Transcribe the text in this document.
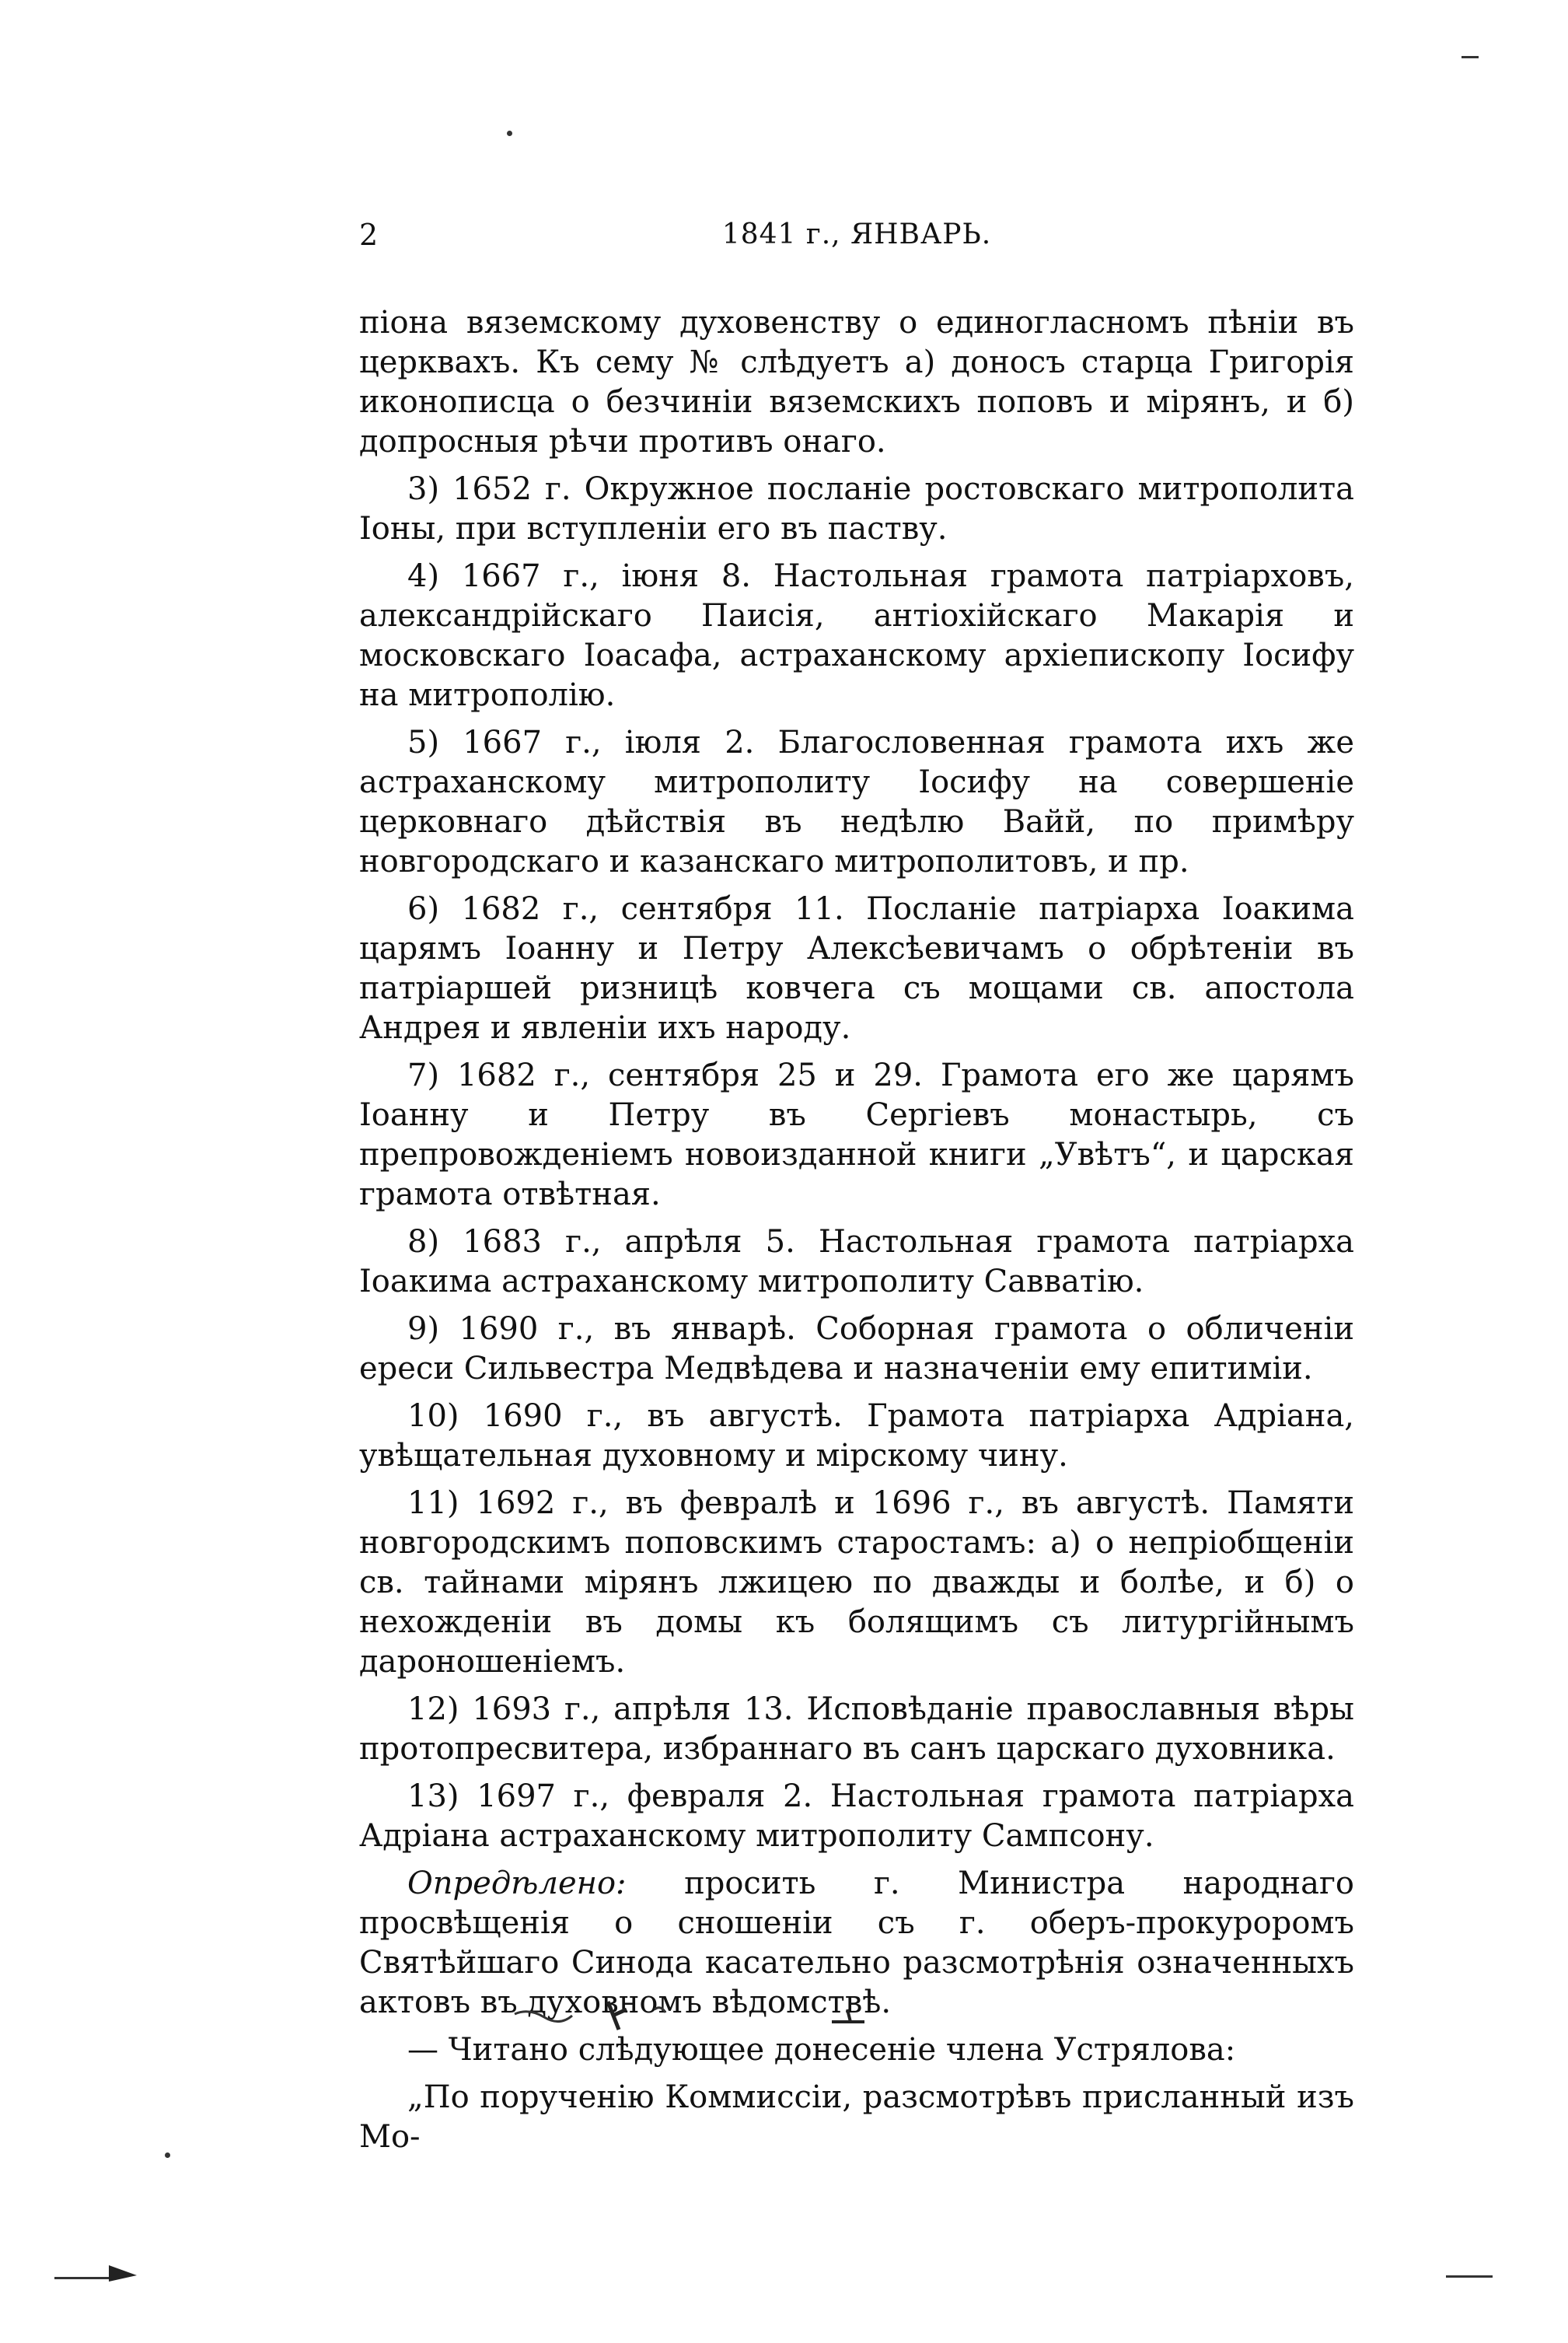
2	1841 г., ЯНВАРЬ.

піона вяземскому духовенству о единогласномъ пѣніи въ церквахъ. Къ сему № слѣдуетъ а) доносъ старца Григорія иконописца о безчиніи вяземскихъ поповъ и мірянъ, и б) допросныя рѣчи противъ онаго.

3) 1652 г. Окружное посланіе ростовскаго митрополита Іоны, при вступленіи его въ паству.

4) 1667 г., іюня 8. Настольная грамота патріарховъ, александрійскаго Паисія, антіохійскаго Макарія и московскаго Іоасафа, астраханскому архіепископу Іосифу на митрополію.

5) 1667 г., іюля 2. Благословенная грамота ихъ же астраханскому митрополиту Іосифу на совершеніе церковнаго дѣйствія въ недѣлю Вайй, по примѣру новгородскаго и казанскаго митрополитовъ, и пр.

6) 1682 г., сентября 11. Посланіе патріарха Іоакима царямъ Іоанну и Петру Алексѣевичамъ о обрѣтеніи въ патріаршей ризницѣ ковчега съ мощами св. апостола Андрея и явленіи ихъ народу.

7) 1682 г., сентября 25 и 29. Грамота его же царямъ Іоанну и Петру въ Сергіевъ монастырь, съ препровожденіемъ новоизданной книги „Увѣтъ“, и царская грамота отвѣтная.

8) 1683 г., апрѣля 5. Настольная грамота патріарха Іоакима астраханскому митрополиту Савватію.

9) 1690 г., въ январѣ. Соборная грамота о обличеніи ереси Сильвестра Медвѣдева и назначеніи ему епитиміи.

10) 1690 г., въ августѣ. Грамота патріарха Адріана, увѣщательная духовному и мірскому чину.

11) 1692 г., въ февралѣ и 1696 г., въ августѣ. Памяти новгородскимъ поповскимъ старостамъ: а) о непріобщеніи св. тайнами мірянъ лжицею по дважды и болѣе, и б) о нехожденіи въ домы къ болящимъ съ литургійнымъ дароношеніемъ.

12) 1693 г., апрѣля 13. Исповѣданіе православныя вѣры протопресвитера, избраннаго въ санъ царскаго духовника.

13) 1697 г., февраля 2. Настольная грамота патріарха Адріана астраханскому митрополиту Сампсону.

Опредѣлено: просить г. Министра народнаго просвѣщенія о сношеніи съ г. оберъ-прокуроромъ Святѣйшаго Синода касательно разсмотрѣнія означенныхъ актовъ въ духовномъ вѣдомствѣ.

— Читано слѣдующее донесеніе члена Устрялова:

„По порученію Коммиссіи, разсмотрѣвъ присланный изъ Мо-
